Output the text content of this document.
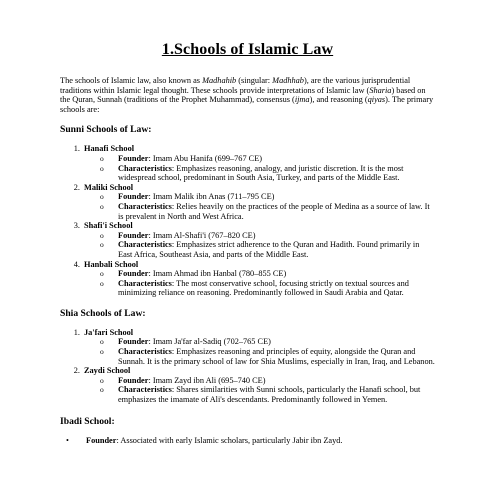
1.Schools of Islamic Law

The schools of Islamic law, also known as Madhahib (singular: Madhhab), are the various jurisprudential traditions within Islamic legal thought. These schools provide interpretations of Islamic law (Sharia) based on the Quran, Sunnah (traditions of the Prophet Muhammad), consensus (ijma), and reasoning (qiyas). The primary schools are:

Sunni Schools of Law:
1. Hanafi School
o Founder: Imam Abu Hanifa (699–767 CE)
o Characteristics: Emphasizes reasoning, analogy, and juristic discretion. It is the most widespread school, predominant in South Asia, Turkey, and parts of the Middle East.
2. Maliki School
o Founder: Imam Malik ibn Anas (711–795 CE)
o Characteristics: Relies heavily on the practices of the people of Medina as a source of law. It is prevalent in North and West Africa.
3. Shafi'i School
o Founder: Imam Al-Shafi'i (767–820 CE)
o Characteristics: Emphasizes strict adherence to the Quran and Hadith. Found primarily in East Africa, Southeast Asia, and parts of the Middle East.
4. Hanbali School
o Founder: Imam Ahmad ibn Hanbal (780–855 CE)
o Characteristics: The most conservative school, focusing strictly on textual sources and minimizing reliance on reasoning. Predominantly followed in Saudi Arabia and Qatar.
Shia Schools of Law:
1. Ja'fari School
o Founder: Imam Ja'far al-Sadiq (702–765 CE)
o Characteristics: Emphasizes reasoning and principles of equity, alongside the Quran and Sunnah. It is the primary school of law for Shia Muslims, especially in Iran, Iraq, and Lebanon.
2. Zaydi School
o Founder: Imam Zayd ibn Ali (695–740 CE)
o Characteristics: Shares similarities with Sunni schools, particularly the Hanafi school, but emphasizes the imamate of Ali's descendants. Predominantly followed in Yemen.
Ibadi School:
• Founder: Associated with early Islamic scholars, particularly Jabir ibn Zayd.
